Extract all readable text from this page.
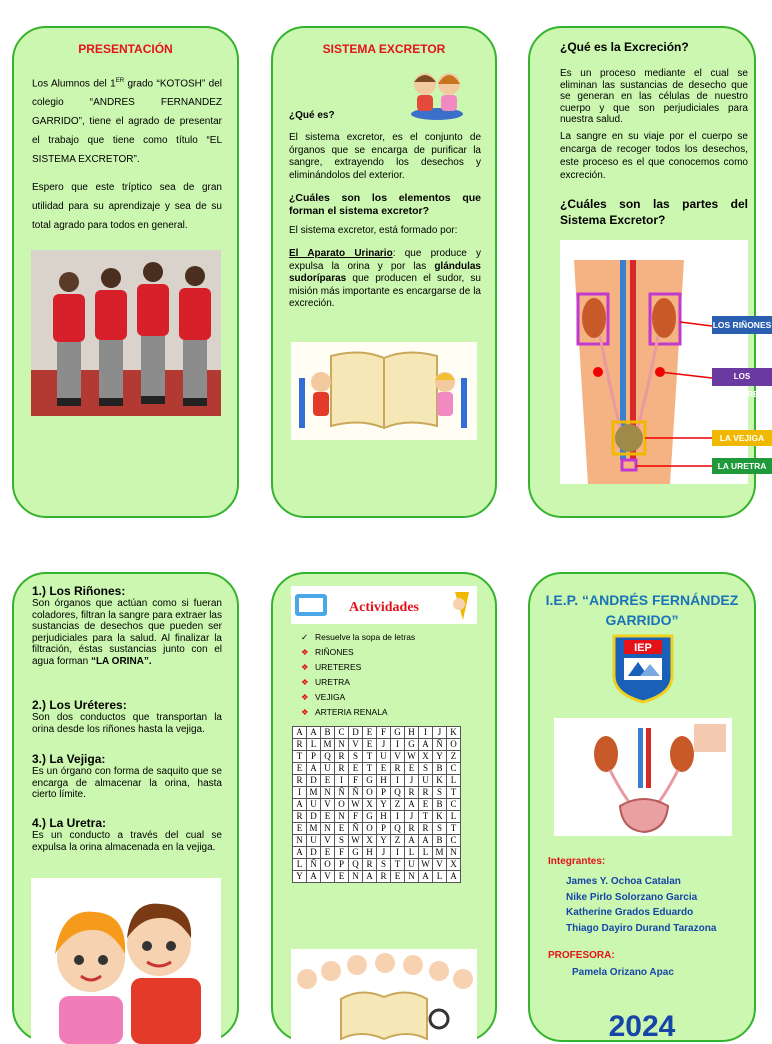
PRESENTACIÓN
Los Alumnos del 1ER grado “KOTOSH” del colegio “ANDRES FERNANDEZ GARRIDO”, tiene el agrado de presentar el trabajo que tiene como título “EL SISTEMA EXCRETOR”.
Espero que este tríptico sea de gran utilidad para su aprendizaje y sea de su total agrado para todos en general.
SISTEMA EXCRETOR
¿Qué es?
El sistema excretor, es el conjunto de órganos que se encarga de purificar la sangre, extrayendo los desechos y eliminándolos del exterior.
¿Cuáles son los elementos que forman el sistema excretor?
El sistema excretor, está formado por:
El Aparato Urinario: que produce y expulsa la orina y por las glándulas sudoríparas que producen el sudor, su misión más importante es encargarse de la excreción.
¿Qué es la Excreción?
Es un proceso mediante el cual se eliminan las sustancias de desecho que se generan en las células de nuestro cuerpo y que son perjudiciales para nuestra salud.
La sangre en su viaje por el cuerpo se encarga de recoger todos los desechos, este proceso es el que conocemos como excreción.
¿Cuáles son las partes del Sistema Excretor?
LOS RIÑONES
LOS URÉTERES
LA VEJIGA
LA URETRA
1.) Los Riñones:
Son órganos que actúan como si fueran coladores, filtran la sangre para extraer las sustancias de desechos que pueden ser perjudiciales para la salud. Al finalizar la filtración, éstas sustancias junto con el agua forman “LA ORINA”.
2.) Los Uréteres:
Son dos conductos que transportan la orina desde los riñones hasta la vejiga.
3.) La Vejiga:
Es un órgano con forma de saquito que se encarga de almacenar la orina, hasta cierto límite.
4.) La Uretra:
Es un conducto a través del cual se expulsa la orina almacenada en la vejiga.
Actividades
✓ Resuelve la sopa de letras
❖ RIÑONES
❖ URETERES
❖ URETRA
❖ VEJIGA
❖ ARTERIA RENALA
A	A	B	C	D	E	F	G	H	I	J	K
R	L	M	N	V	E	J	I	G	A	Ñ	O
T	P	Q	R	S	T	U	V	W	X	Y	Z
E	A	U	R	E	T	E	R	E	S	B	C
R	D	E	I	F	G	H	I	J	U	K	L
I	M	N	Ñ	Ñ	O	P	Q	R	R	S	T
A	U	V	O	W	X	Y	Z	A	E	B	C
R	D	E	N	F	G	H	I	J	T	K	L
E	M	N	E	Ñ	O	P	Q	R	R	S	T
N	U	V	S	W	X	Y	Z	A	A	B	C
A	D	E	F	G	H	J	I	L	L	M	N
L	Ñ	O	P	Q	R	S	T	U	W	V	X
Y	A	V	E	N	A	R	E	N	A	L	A
I.E.P. “ANDRÉS FERNÁNDEZ GARRIDO”
IEP
Integrantes:
James Y. Ochoa Catalan
Nike Pirlo Solorzano Garcia
Katherine Grados Eduardo
Thiago Dayiro Durand Tarazona
PROFESORA:
Pamela Orizano Apac
2024
